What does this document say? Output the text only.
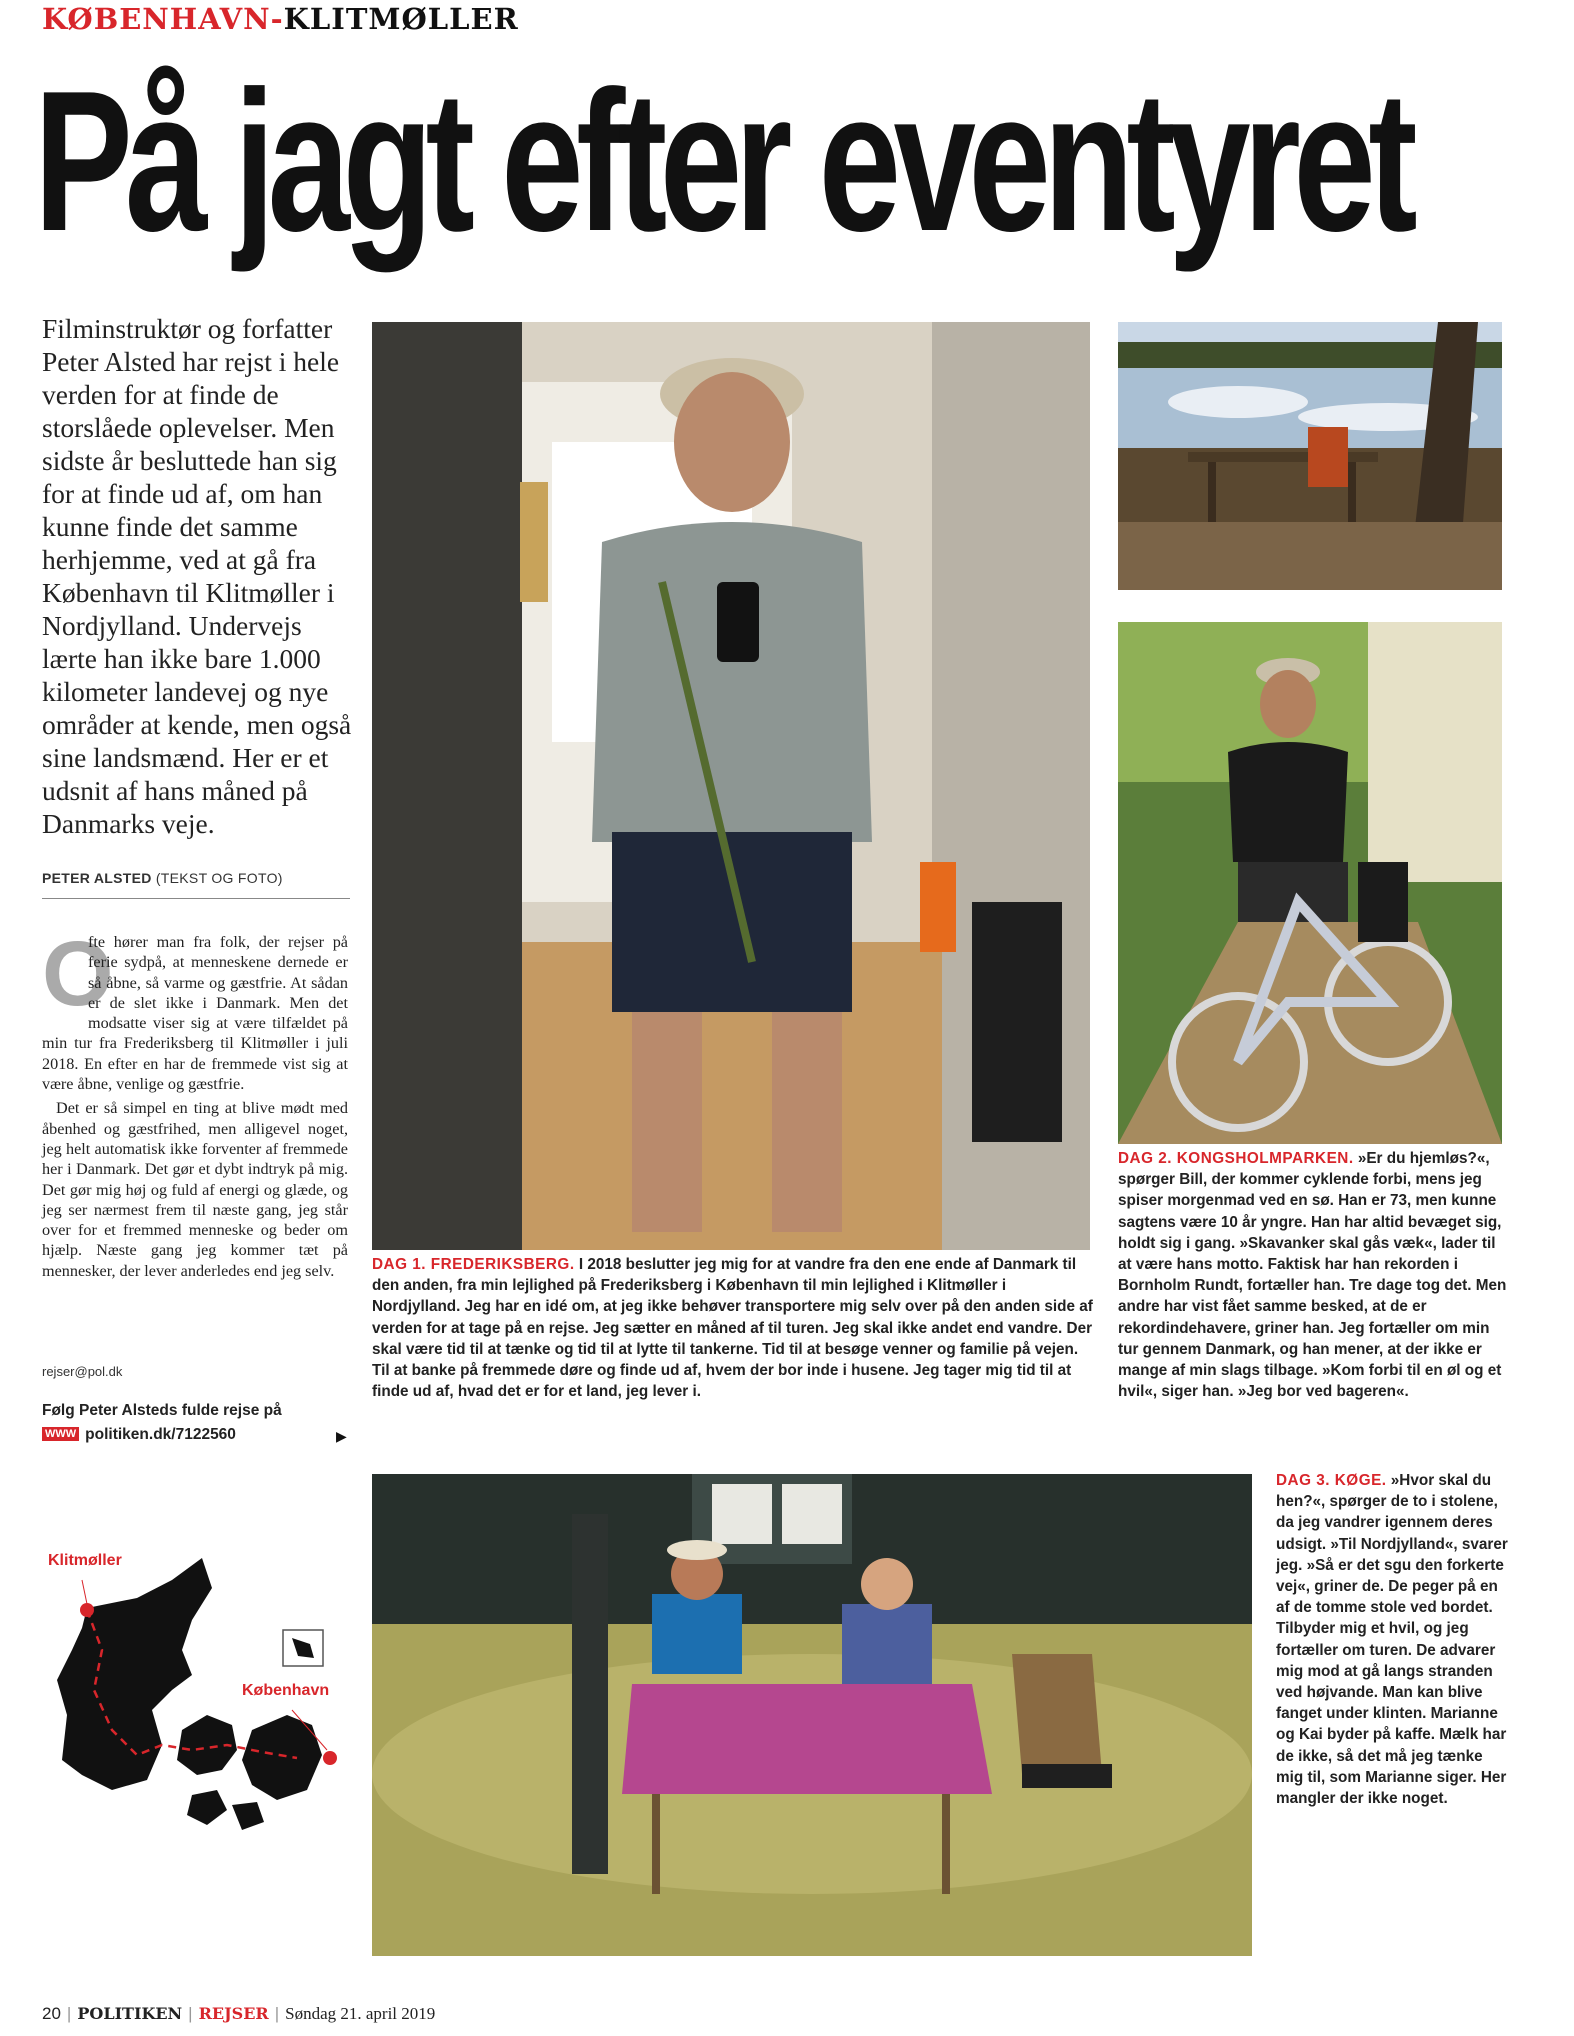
KØBENHAVN-KLITMØLLER
På jagt efter eventyret
Filminstruktør og forfatter Peter Alsted har rejst i hele verden for at finde de storslåede oplevelser. Men sidste år besluttede han sig for at finde ud af, om han kunne finde det samme herhjemme, ved at gå fra København til Klitmøller i Nordjylland. Undervejs lærte han ikke bare 1.000 kilometer landevej og nye områder at kende, men også sine landsmænd. Her er et udsnit af hans måned på Danmarks veje.
PETER ALSTED (TEKST OG FOTO)

O
fte hører man fra folk, der rejser på ferie sydpå, at menneskene dernede er så åbne, så varme og gæstfrie. At sådan er de slet ikke i Danmark. Men det modsatte viser sig at være tilfældet på min tur fra Frederiksberg til Klitmøller i juli 2018. En efter en har de fremmede vist sig at være åbne, venlige og gæstfrie.

Det er så simpel en ting at blive mødt med åbenhed og gæstfrihed, men alligevel noget, jeg helt automatisk ikke forventer af fremmede her i Danmark. Det gør et dybt indtryk på mig. Det gør mig høj og fuld af energi og glæde, og jeg ser nærmest frem til næste gang, jeg står over for et fremmed menneske og beder om hjælp. Næste gang jeg kommer tæt på mennesker, der lever anderledes end jeg selv.

rejser@pol.dk
Følg Peter Alsteds fulde rejse på
WWW politiken.dk/7122560	▶
DAG 1. FREDERIKSBERG. I 2018 beslutter jeg mig for at vandre fra den ene ende af Danmark til den anden, fra min lejlighed på Frederiksberg i København til min lejlighed i Klitmøller i Nordjylland. Jeg har en idé om, at jeg ikke behøver transportere mig selv over på den anden side af verden for at tage på en rejse. Jeg sætter en måned af til turen. Jeg skal ikke andet end vandre. Der skal være tid til at tænke og tid til at lytte til tankerne. Tid til at besøge venner og familie på vejen. Til at banke på fremmede døre og finde ud af, hvem der bor inde i husene. Jeg tager mig tid til at finde ud af, hvad det er for et land, jeg lever i.
DAG 2. KONGSHOLMPARKEN. »Er du hjemløs?«, spørger Bill, der kommer cyklende forbi, mens jeg spiser morgenmad ved en sø. Han er 73, men kunne sagtens være 10 år yngre. Han har altid bevæget sig, holdt sig i gang. »Skavanker skal gås væk«, lader til at være hans motto. Faktisk har han rekorden i Bornholm Rundt, fortæller han. Tre dage tog det. Men andre har vist fået samme besked, at de er rekordindehavere, griner han. Jeg fortæller om min tur gennem Danmark, og han mener, at der ikke er mange af min slags tilbage. »Kom forbi til en øl og et hvil«, siger han. »Jeg bor ved bageren«.
DAG 3. KØGE. »Hvor skal du hen?«, spørger de to i stolene, da jeg vandrer igennem deres udsigt. »Til Nordjylland«, svarer jeg. »Så er det sgu den forkerte vej«, griner de. De peger på en af de tomme stole ved bordet. Tilbyder mig et hvil, og jeg fortæller om turen. De advarer mig mod at gå langs stranden ved højvande. Man kan blive fanget under klinten. Marianne og Kai byder på kaffe. Mælk har de ikke, så det må jeg tænke mig til, som Marianne siger. Her mangler der ikke noget.
Klitmøller
København
20 | POLITIKEN | REJSER | Søndag 21. april 2019
